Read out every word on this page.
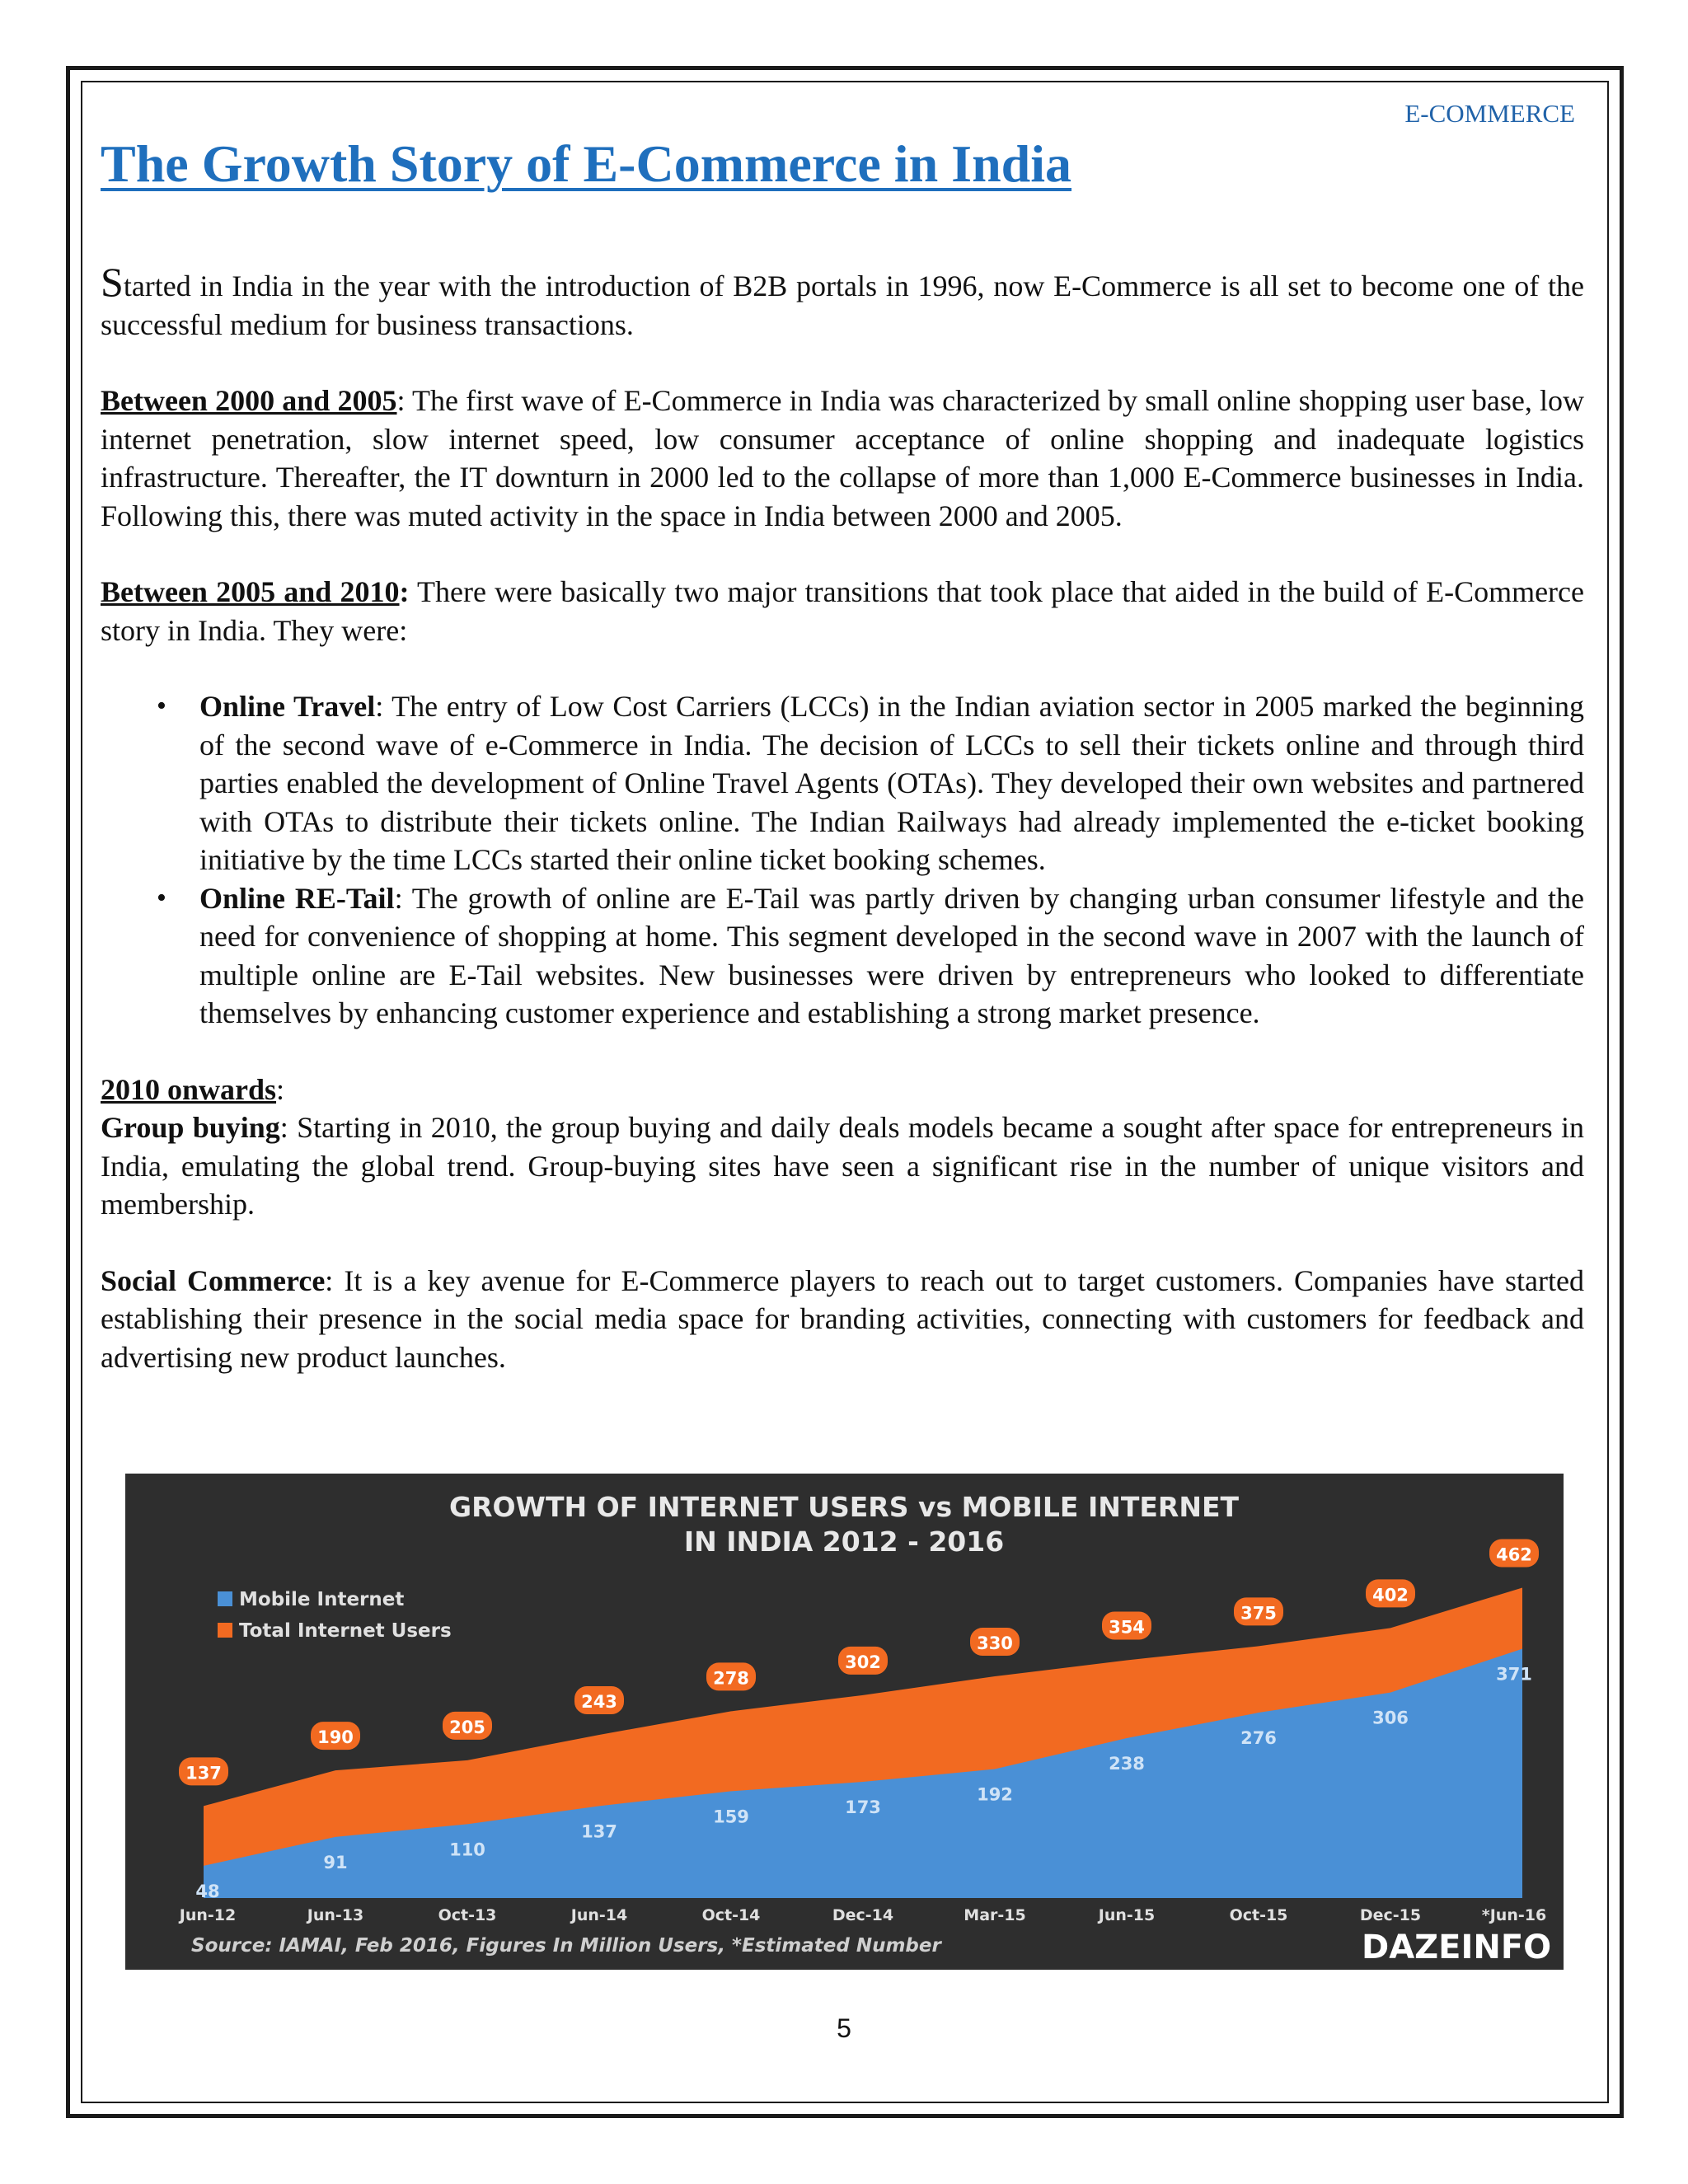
E-COMMERCE
The Growth Story of E-Commerce in India

Started in India in the year with the introduction of B2B portals in 1996, now E-Commerce is all set to become one of the successful medium for business transactions.

Between 2000 and 2005: The first wave of E-Commerce in India was characterized by small online shopping user base, low internet penetration, slow internet speed, low consumer acceptance of online shopping and inadequate logistics infrastructure. Thereafter, the IT downturn in 2000 led to the collapse of more than 1,000 E-Commerce businesses in India. Following this, there was muted activity in the space in India between 2000 and 2005.

Between 2005 and 2010: There were basically two major transitions that took place that aided in the build of E-Commerce story in India. They were:

• Online Travel: The entry of Low Cost Carriers (LCCs) in the Indian aviation sector in 2005 marked the beginning of the second wave of e-Commerce in India. The decision of LCCs to sell their tickets online and through third parties enabled the development of Online Travel Agents (OTAs). They developed their own websites and partnered with OTAs to distribute their tickets online. The Indian Railways had already implemented the e-ticket booking initiative by the time LCCs started their online ticket booking schemes.
• Online RE-Tail: The growth of online are E-Tail was partly driven by changing urban consumer lifestyle and the need for convenience of shopping at home. This segment developed in the second wave in 2007 with the launch of multiple online are E-Tail websites. New businesses were driven by entrepreneurs who looked to differentiate themselves by enhancing customer experience and establishing a strong market presence.

2010 onwards:

Group buying: Starting in 2010, the group buying and daily deals models became a sought after space for entrepreneurs in India, emulating the global trend. Group-buying sites have seen a significant rise in the number of unique visitors and membership.

Social Commerce: It is a key avenue for E-Commerce players to reach out to target customers. Companies have started establishing their presence in the social media space for branding activities, connecting with customers for feedback and advertising new product launches.

GROWTH OF INTERNET USERS vs MOBILE INTERNET
IN INDIA 2012 - 2016
Mobile Internet
Total Internet Users
137
190
205
243
278
302
330
354
375
402
462
48
91
110
137
159	173
192
238
276
306
371
Jun-12	Jun-13	Oct-13	Jun-14	Oct-14	Dec-14	Mar-15	Jun-15	Oct-15	Dec-15	*Jun-16
Source: IAMAI, Feb 2016, Figures In Million Users, *Estimated Number	DAZEINFO
5
